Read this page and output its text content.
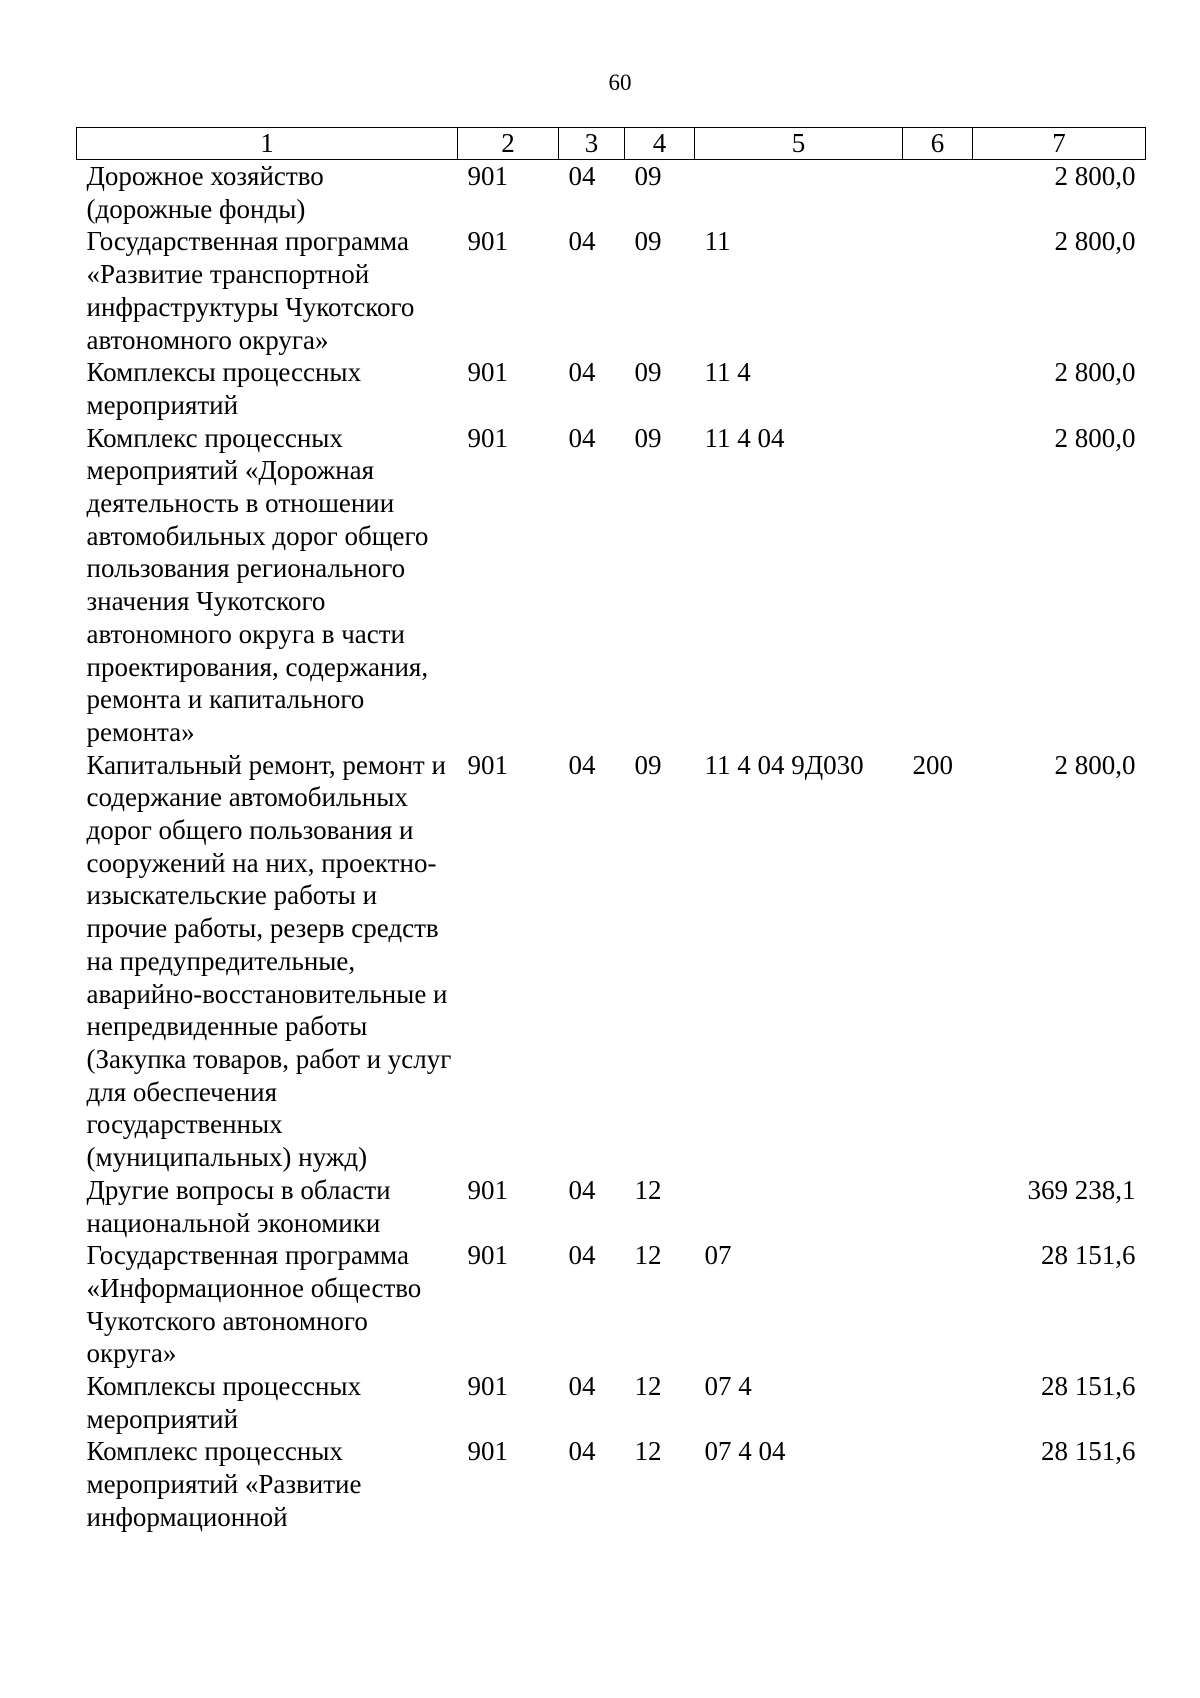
60
1	2	3	4	5	6	7
Дорожное хозяйство (дорожные фонды)	901	04	09			2 800,0
Государственная программа «Развитие транспортной инфраструктуры Чукотского автономного округа»	901	04	09	11		2 800,0
Комплексы процессных мероприятий	901	04	09	11 4		2 800,0
Комплекс процессных мероприятий «Дорожная деятельность в отношении автомобильных дорог общего пользования регионального значения Чукотского автономного округа в части проектирования, содержания, ремонта и капитального ремонта»	901	04	09	11 4 04		2 800,0
Капитальный ремонт, ремонт и содержание автомобильных дорог общего пользования и сооружений на них, проектно-изыскательские работы и прочие работы, резерв средств на предупредительные, аварийно-восстановительные и непредвиденные работы (Закупка товаров, работ и услуг для обеспечения государственных (муниципальных) нужд)	901	04	09	11 4 04 9Д030	200	2 800,0
Другие вопросы в области национальной экономики	901	04	12			369 238,1
Государственная программа «Информационное общество Чукотского автономного округа»	901	04	12	07		28 151,6
Комплексы процессных мероприятий	901	04	12	07 4		28 151,6
Комплекс процессных мероприятий «Развитие информационной	901	04	12	07 4 04		28 151,6
